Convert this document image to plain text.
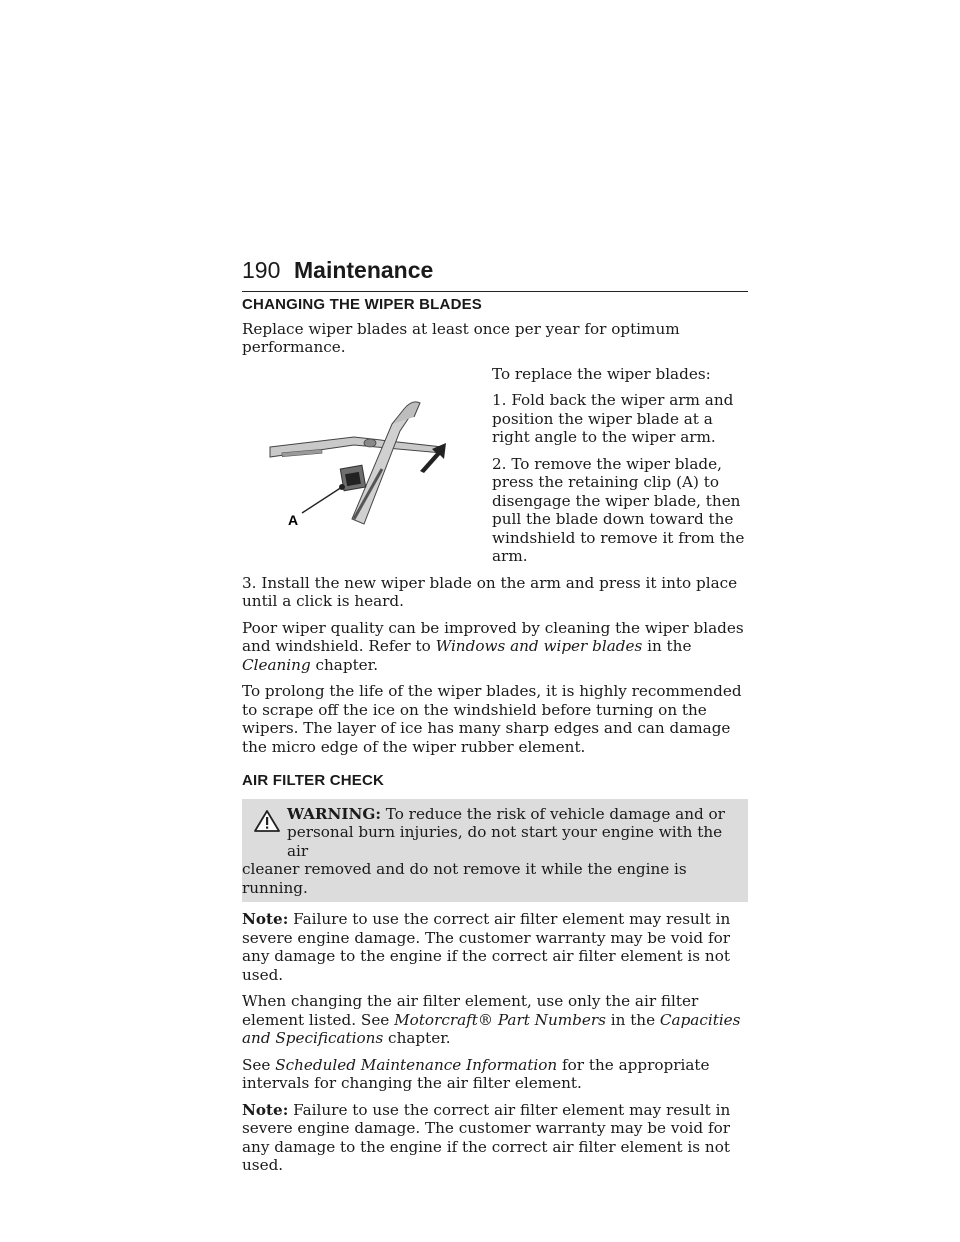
190 Maintenance
CHANGING THE WIPER BLADES

Replace wiper blades at least once per year for optimum performance.

A

To replace the wiper blades:

1. Fold back the wiper arm and position the wiper blade at a right angle to the wiper arm.

2. To remove the wiper blade, press the retaining clip (A) to disengage the wiper blade, then pull the blade down toward the windshield to remove it from the arm.

3. Install the new wiper blade on the arm and press it into place until a click is heard.

Poor wiper quality can be improved by cleaning the wiper blades and windshield. Refer to Windows and wiper blades in the Cleaning chapter.

To prolong the life of the wiper blades, it is highly recommended to scrape off the ice on the windshield before turning on the wipers. The layer of ice has many sharp edges and can damage the micro edge of the wiper rubber element.

AIR FILTER CHECK
WARNING: To reduce the risk of vehicle damage and or personal burn injuries, do not start your engine with the air
cleaner removed and do not remove it while the engine is running.

Note: Failure to use the correct air filter element may result in severe engine damage. The customer warranty may be void for any damage to the engine if the correct air filter element is not used.

When changing the air filter element, use only the air filter element listed. See Motorcraft® Part Numbers in the Capacities and Specifications chapter.

See Scheduled Maintenance Information for the appropriate intervals for changing the air filter element.

Note: Failure to use the correct air filter element may result in severe engine damage. The customer warranty may be void for any damage to the engine if the correct air filter element is not used.
